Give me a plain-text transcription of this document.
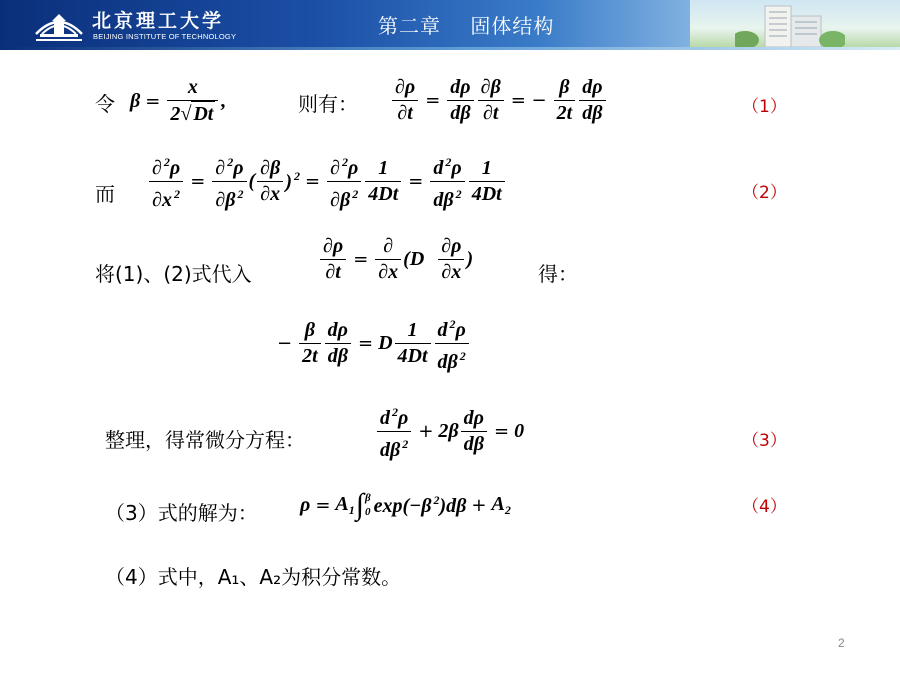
北京理工大学
BEIJING INSTITUTE OF TECHNOLOGY	第二章    固体结构
令 $\beta = \frac{x}{2√ Dt}$ ,	则有： $\frac{\partial\rho}{\partial t} = \frac{d\rho}{d\beta} \frac{\partial\beta}{\partial t}$ = − $\frac{\beta}{2t}$ dρ
dβ	（1）
而 $\frac{\partial ^2\rho}{\partial x ^2} = \frac{\partial ^2\rho}{\partial\beta ^2}$ (
∂β
∂x
) $^2 = \frac{\partial ^2\rho}{\partial\beta ^2} \frac{1}{4Dt} = \frac{d ^2\rho}{d\beta ^2} 1$
4Dt	（2）
将(1)、(2)式代入	$\frac{\partial\rho}{\partial t}$ =
∂
∂x
(D
∂ρ
∂x
)
得：
− $\frac{\beta}{2t} \frac{d\rho}{d\beta} = D$
1
4Dt
d $^2$ρ
dβ $^2$
整理，得常微分方程：
d $^2$ρ
dβ $^2$
+ $2\beta \frac{d\rho}{d\beta} = 0$	（3）
（3）式的解为： $\rho = A_1$ ∫ β
0 exp(−β $^2)d\beta + A_2$	（4）
（4）式中，A₁、A₂为积分常数。
2
